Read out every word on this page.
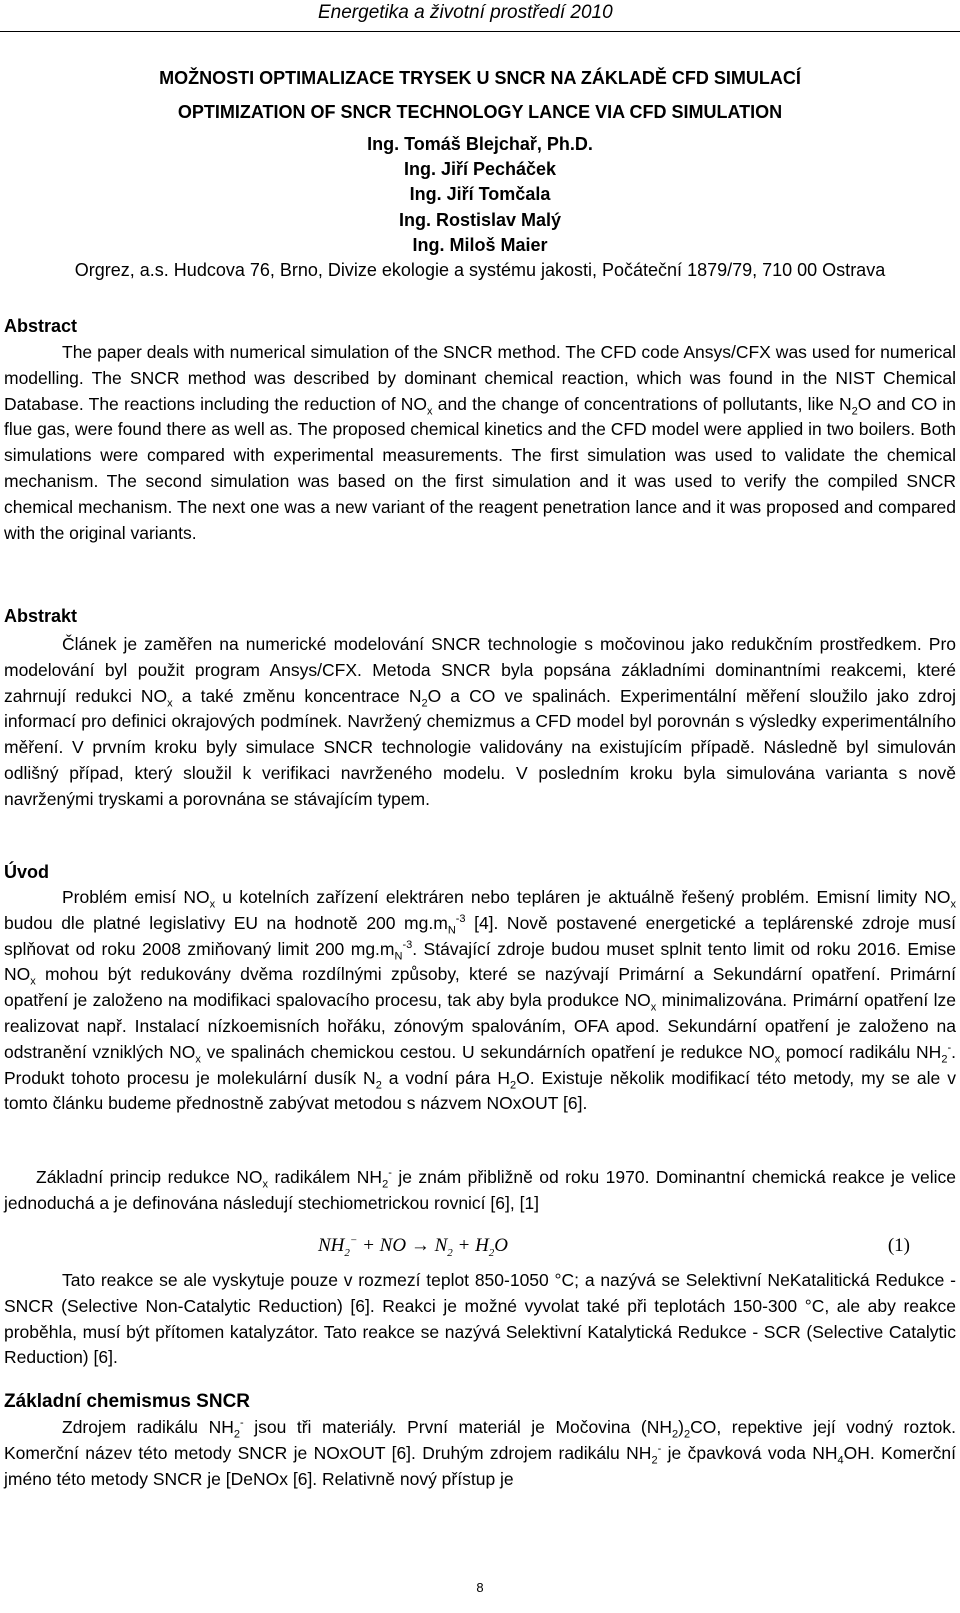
Energetika a životní prostředí 2010
MOŽNOSTI OPTIMALIZACE TRYSEK U SNCR NA ZÁKLADĚ CFD SIMULACÍ
OPTIMIZATION OF SNCR TECHNOLOGY LANCE VIA CFD SIMULATION
Ing. Tomáš Blejchař, Ph.D.
Ing. Jiří Pecháček
Ing. Jiří Tomčala
Ing. Rostislav Malý
Ing. Miloš Maier
Orgrez, a.s. Hudcova 76, Brno, Divize ekologie a systému jakosti, Počáteční 1879/79, 710 00 Ostrava
Abstract

The paper deals with numerical simulation of the SNCR method. The CFD code Ansys/CFX was used for numerical modelling. The SNCR method was described by dominant chemical reaction, which was found in the NIST Chemical Database. The reactions including the reduction of $NO_x$ and the change of concentrations of pollutants, like $N_2O$ and CO in flue gas, were found there as well as. The proposed chemical kinetics and the CFD model were applied in two boilers. Both simulations were compared with experimental measurements. The first simulation was used to validate the chemical mechanism. The second simulation was based on the first simulation and it was used to verify the compiled SNCR chemical mechanism. The next one was a new variant of the reagent penetration lance and it was proposed and compared with the original variants.

Abstrakt

Článek je zaměřen na numerické modelování SNCR technologie s močovinou jako redukčním prostředkem. Pro modelování byl použit program Ansys/CFX. Metoda SNCR byla popsána základními dominantními reakcemi, které zahrnují redukci $NO_x$ a také změnu koncentrace $N_2O$ a CO ve spalinách. Experimentální měření sloužilo jako zdroj informací pro definici okrajových podmínek. Navržený chemizmus a CFD model byl porovnán s výsledky experimentálního měření. V prvním kroku byly simulace SNCR technologie validovány na existujícím případě. Následně byl simulován odlišný případ, který sloužil k verifikaci navrženého modelu. V posledním kroku byla simulována varianta s nově navrženými tryskami a porovnána se stávajícím typem.

Úvod

Problém emisí $NO_x$ u kotelních zařízení elektráren nebo tepláren je aktuálně řešený problém. Emisní limity $NO_x$ budou dle platné legislativy EU na hodnotě 200 $mg.m_N^{-3}$ [4]. Nově postavené energetické a teplárenské zdroje musí splňovat od roku 2008 zmiňovaný limit 200 $mg.m_N^{-3}$. Stávající zdroje budou muset splnit tento limit od roku 2016. Emise $NO_x$ mohou být redukovány dvěma rozdílnými způsoby, které se nazývají Primární a Sekundární opatření. Primární opatření je založeno na modifikaci spalovacího procesu, tak aby byla produkce $NO_x$ minimalizována. Primární opatření lze realizovat např. Instalací nízkoemisních hořáku, zónovým spalováním, OFA apod. Sekundární opatření je založeno na odstranění vzniklých $NO_x$ ve spalinách chemickou cestou. U sekundárních opatření je redukce $NO_x$ pomocí radikálu $NH_2^-$. Produkt tohoto procesu je molekulární dusík $N_2$ a vodní pára $H_2O$. Existuje několik modifikací této metody, my se ale v tomto článku budeme přednostně zabývat metodou s názvem NOxOUT [6].

Základní princip redukce $NO_x$ radikálem $NH_2^-$ je znám přibližně od roku 1970. Dominantní chemická reakce je velice jednoduchá a je definována následují stechiometrickou rovnicí [6], [1]

$NH_2^-$ + NO → $N_2 + H_2O$	(1)

Tato reakce se ale vyskytuje pouze v rozmezí teplot 850-1050 °C; a nazývá se Selektivní NeKatalitická Redukce - SNCR (Selective Non-Catalytic Reduction) [6]. Reakci je možné vyvolat také při teplotách 150-300 °C, ale aby reakce proběhla, musí být přítomen katalyzátor. Tato reakce se nazývá Selektivní Katalytická Redukce - SCR (Selective Catalytic Reduction) [6].

Základní chemismus SNCR

Zdrojem radikálu $NH_2^-$ jsou tři materiály. První materiál je Močovina $(NH_2)_2CO$, repektive její vodný roztok. Komerční název této metody SNCR je NOxOUT [6]. Druhým zdrojem radikálu $NH_2^-$ je čpavková voda $NH_4OH$. Komerční jméno této metody SNCR je [DeNOx [6]. Relativně nový přístup je

8
